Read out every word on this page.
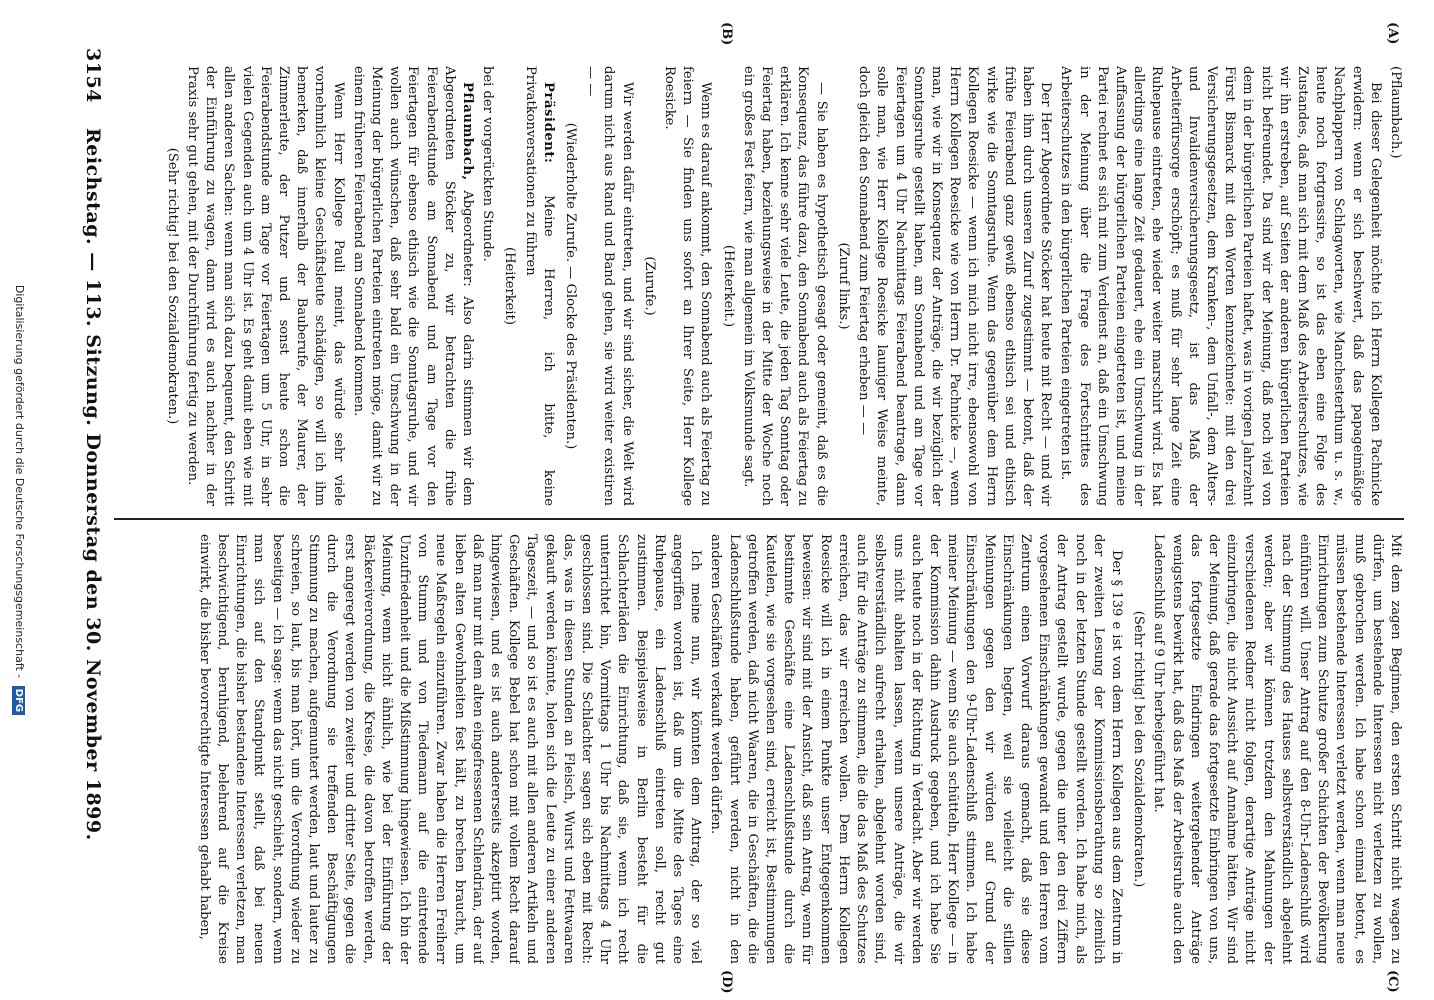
3154
Reichstag. — 113. Sitzung. Donnerstag den 30. November 1899.
(A)
(B)
(C)
(D)

(Pflaumbach.)

Bei dieser Gelegenheit möchte ich Herrn Kollegen Pachnicke erwidern: wenn er sich beschwert, daß das papageimäßige Nachplappern von Schlagworten, wie Manchesterthum u. s. w., heute noch fortgrassire, so ist das eben eine Folge des Zustandes, daß man sich mit dem Maß des Arbeiterschutzes, wie wir ihn erstreben, auf Seiten der anderen bürgerlichen Parteien nicht befreundet. Da sind wir der Meinung, daß noch viel von dem in der bürgerlichen Parteien haftet, was in vorigen Jahrzehnt Fürst Bismarck mit den Worten kennzeichnete: mit den drei Versicherungsgesetzen, dem Kranken-, dem Unfall-, dem Alters- und Invalidenversicherungsgesetz, ist das Maß der Arbeiterfürsorge erschöpft; es muß für sehr lange Zeit eine Ruhepause eintreten, ehe wieder weiter marschirt wird. Es hat allerdings eine lange Zeit gedauert, ehe ein Umschwung in der Auffassung der bürgerlichen Parteien eingetreten ist, und meine Partei rechnet es sich mit zum Verdienst an, daß ein Umschwung in der Meinung über die Frage des Fortschrittes des Arbeiterschutzes in den bürgerlichen Parteien eingetreten ist.

Der Herr Abgeordnete Stöcker hat heute mit Recht — und wir haben ihm durch unseren Zuruf zugestimmt — betont, daß der frühe Feierabend ganz gewiß ebenso ethisch sei und ethisch wirke wie die Sonntagsruhe. Wenn das gegenüber dem Herrn Kollegen Roesicke — wenn ich mich nicht irre, ebensowohl von Herrn Kollegen Roesicke wie von Herrn Dr. Pachnicke —, wenn man, wie wir in Konsequenz der Anträge, die wir bezüglich der Sonntagsruhe gestellt haben, am Sonnabend und am Tage vor Feiertagen um 4 Uhr Nachmittags Feierabend beantrage, dann solle man, wie Herr Kollege Roesicke launiger Weise meinte, doch gleich den Sonnabend zum Feiertag erheben — —

(Zuruf links.)

— Sie haben es hypothetisch gesagt oder gemeint, daß es die Konsequenz, das führe dazu, den Sonnabend auch als Feiertag zu erklären. Ich kenne sehr viele Leute, die jeden Tag Sonntag oder Feiertag haben, beziehungsweise in der Mitte der Woche noch ein großes Fest feiern, wie man allgemein im Volksmunde sagt.

(Heiterkeit.)

Wenn es darauf ankommt, den Sonnabend auch als Feiertag zu feiern — Sie finden uns sofort an Ihrer Seite, Herr Kollege Roesicke.

(Zurufe.)

Wir werden dafür eintreten, und wir sind sicher, die Welt wird darum nicht aus Rand und Band gehen, sie wird weiter existiren — —

(Wiederholte Zurufe. — Glocke des Präsidenten.)

Präsident: Meine Herren, ich bitte, keine Privatkonversationen zu führen

(Heiterkeit)

bei der vorgerückten Stunde.

Pflaumbach, Abgeordneter: Also darin stimmen wir dem Abgeordneten Stöcker zu, wir betrachten die frühe Feierabendstunde am Sonnabend und am Tage vor den Feiertagen für ebenso ethisch wie die Sonntagsruhe, und wir wollen auch wünschen, daß sehr bald ein Umschwung in der Meinung der bürgerlichen Parteien eintreten möge, damit wir zu einem früheren Feierabend am Sonnabend kommen.

Wenn Herr Kollege Pauli meint, das würde sehr viele vornehmlich kleine Geschäftsleute schädigen, so will ich ihm bemerken, daß innerhalb der Bauberufe, der Maurer, der Zimmerleute, der Putzer und sonst heute schon die Feierabendstunde am Tage vor Feiertagen um 5 Uhr, in sehr vielen Gegenden auch um 4 Uhr ist. Es geht damit eben wie mit allen anderen Sachen: wenn man sich dazu bequemt, den Schritt der Einführung zu wagen, dann wird es auch nachher in der Praxis sehr gut gehen, mit der Durchführung fertig zu werden.

(Sehr richtig! bei den Sozialdemokraten.)

Mit dem zagen Beginnen, den ersten Schritt nicht wagen zu dürfen, um bestehende Interessen nicht verletzen zu wollen, muß gebrochen werden. Ich habe schon einmal betont, es müssen bestehende Interessen verletzt werden, wenn man neue Einrichtungen zum Schutze großer Schichten der Bevölkerung einführen will. Unser Antrag auf den 8-Uhr-Ladenschluß wird nach der Stimmung des Hauses selbstverständlich abgelehnt werden; aber wir können trotzdem den Mahnungen der verschiedenen Redner nicht folgen, derartige Anträge nicht einzubringen, die nicht Aussicht auf Annahme hätten. Wir sind der Meinung, daß gerade das fortgesetzte Einbringen von uns, das fortgesetzte Eindringen weitergehender Anträge wenigstens bewirkt hat, daß das Maß der Arbeitsruhe auch den Ladenschluß auf 9 Uhr herbeigeführt hat.

(Sehr richtig! bei den Sozialdemokraten.)

Der § 139 e ist von dem Herrn Kollegen aus dem Zentrum in der zweiten Lesung der Kommissionsberathung so ziemlich noch in der letzten Stunde gestellt worden. Ich habe mich, als der Antrag gestellt wurde, gegen die unter den drei Ziffern vorgesehenen Einschränkungen gewandt und den Herren vom Zentrum einen Vorwurf daraus gemacht, daß sie diese Einschränkungen hegten, weil sie vielleicht die stillen Meinungen gegen den wir würden auf Grund der Einschränkungen den 9-Uhr-Ladenschluß stimmen. Ich habe meiner Meinung — wenn Sie auch schütteln, Herr Kollege — in der Kommission dahin Ausdruck gegeben, und ich habe Sie auch heute noch in der Richtung in Verdacht. Aber wir werden uns nicht abhalten lassen, wenn unsere Anträge, die wir selbstverständlich aufrecht erhalten, abgelehnt worden sind, auch für die Anträge zu stimmen, die die das Maß des Schutzes erreichen, das wir erreichen wollen. Dem Herrn Kollegen Roesicke will ich in einem Punkte unser Entgegenkommen beweisen: wir sind mit der Ansicht, daß sein Antrag, wenn für bestimmte Geschäfte eine Ladenschlußstunde durch die Kautelen, wie sie vorgesehen sind, erreicht ist, Bestimmungen getroffen werden, daß nicht Waaren, die in Geschäften, die die Ladenschlußstunde haben, geführt werden, nicht in den anderen Geschäften verkauft werden dürfen.

Ich meine nun, wir könnten dem Antrag, der so viel angegriffen worden ist, daß um die Mitte des Tages eine Ruhepause, ein Ladenschluß eintreten soll, recht gut zustimmen. Beispielsweise in Berlin besteht für die Schlachterläden die Einrichtung, daß sie, wenn ich recht unterrichtet bin, Vormittags 1 Uhr bis Nachmittags 4 Uhr geschlossen sind. Die Schlachter sagen sich eben mit Recht: das, was in diesen Stunden an Fleisch, Wurst und Fettwaaren gekauft werden könnte, holen sich die Leute zu einer anderen Tageszeit, — und so ist es auch mit allen anderen Artikeln und Geschäften. Kollege Bebel hat schon mit vollem Recht darauf hingewiesen, und es ist auch andererseits akzeptirt worden, daß man nur mit dem alten eingefressenen Schlendrian, der auf lieben alten Gewohnheiten fest hält, zu brechen braucht, um neue Maßregeln einzuführen. Zwar haben die Herren Freiherr von Stumm und von Tiedemann auf die eintretende Unzufriedenheit und die Mißstimmung hingewiesen. Ich bin der Meinung, wenn nicht ähnlich, wie bei der Einführung der Bäckereiverordnung, die Kreise, die davon betroffen werden, erst angeregt werden von zweiter und dritter Seite, gegen die durch die Verordnung sie treffenden Beschäftigungen Stimmung zu machen, aufgemuntert werden, laut und lauter zu schreien, so laut, bis man hört, um die Verordnung wieder zu beseitigen — ich sage: wenn das nicht geschieht, sondern, wenn man sich auf den Standpunkt stellt, daß bei neuen Einrichtungen, die bisher bestandene Interessen verletzen, man beschwichtigend, beruhigend, belehrend auf die Kreise einwirkt, die bisher bevorrechtigte Interessen gehabt haben,

Digitalisierung gefördert durch die Deutsche Forschungsgemeinschaft - DFG
